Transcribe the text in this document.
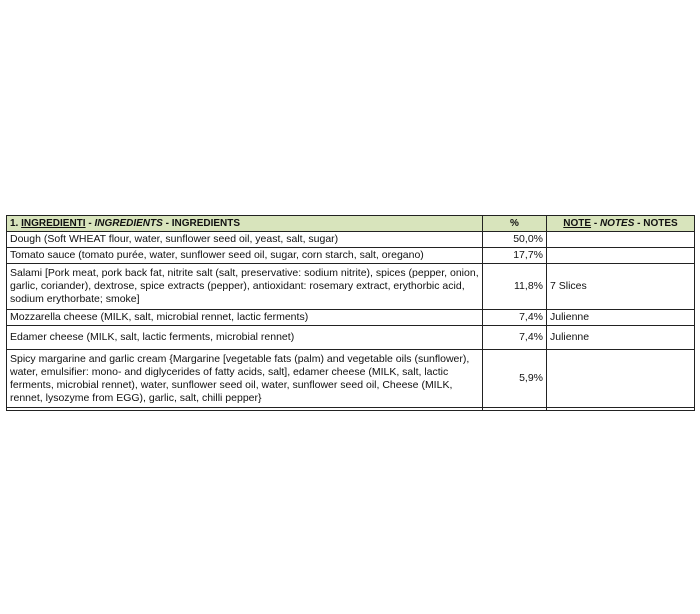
1. INGREDIENTI - INGREDIENTS - INGREDIENTS	%	NOTE - NOTES - NOTES
Dough (Soft WHEAT flour, water, sunflower seed oil, yeast, salt, sugar)	50,0%	
Tomato sauce (tomato purée, water, sunflower seed oil, sugar, corn starch, salt, oregano)	17,7%	
Salami [Pork meat, pork back fat, nitrite salt (salt, preservative: sodium nitrite), spices (pepper, onion, garlic, coriander), dextrose, spice extracts (pepper), antioxidant: rosemary extract, erythorbic acid, sodium erythorbate; smoke]	11,8%	7 Slices
Mozzarella cheese (MILK, salt, microbial rennet, lactic ferments)	7,4%	Julienne
Edamer cheese (MILK, salt, lactic ferments, microbial rennet)	7,4%	Julienne
Spicy margarine and garlic cream {Margarine [vegetable fats (palm) and vegetable oils (sunflower), water, emulsifier: mono- and diglycerides of fatty acids, salt], edamer cheese (MILK, salt, lactic ferments, microbial rennet), water, sunflower seed oil, water, sunflower seed oil, Cheese (MILK, rennet, lysozyme from EGG), garlic, salt, chilli pepper}	5,9%	
